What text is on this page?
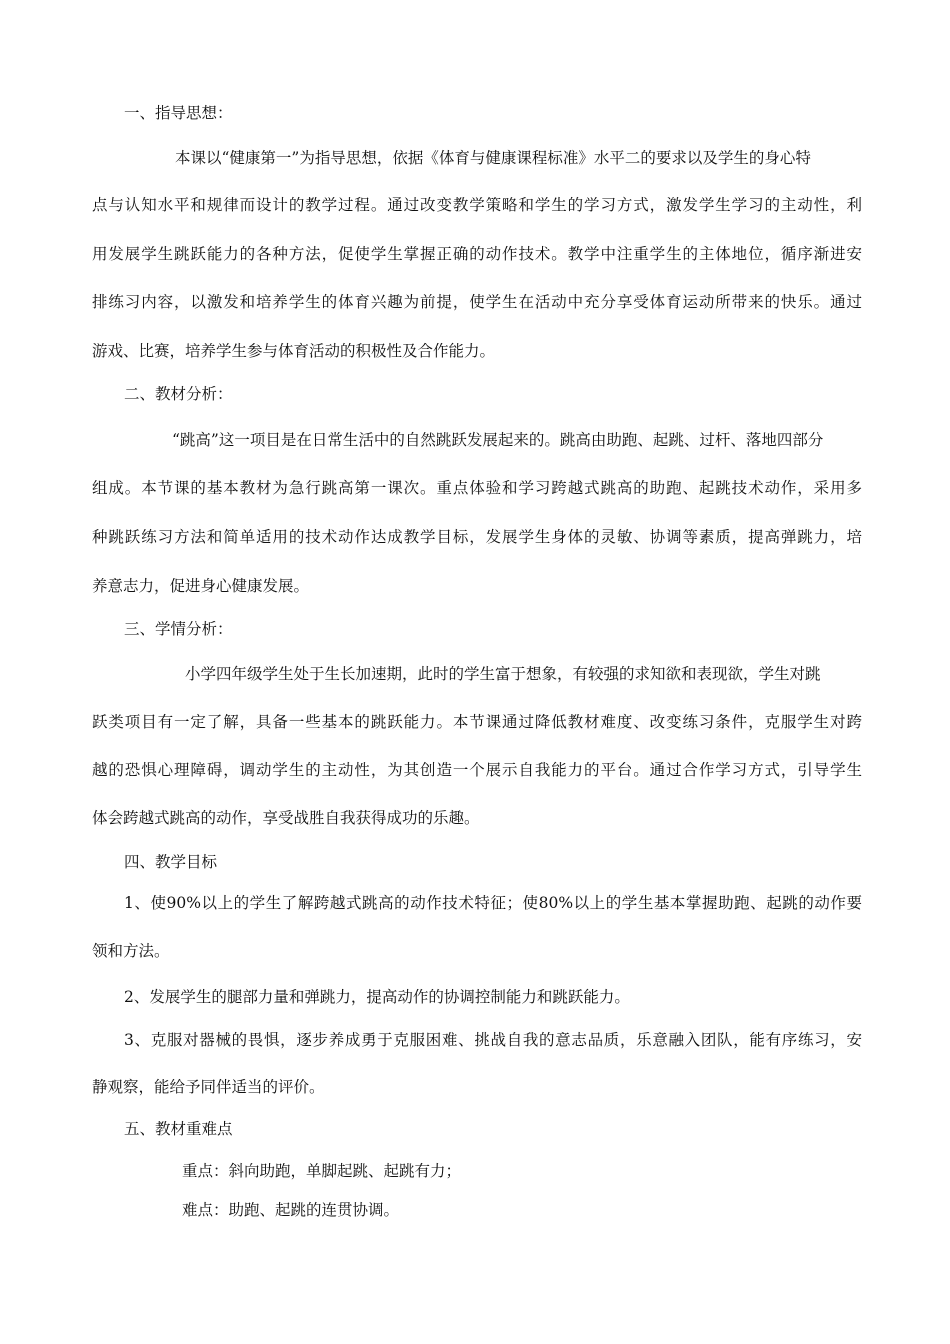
一、指导思想：
本课以“健康第一”为指导思想，依据《体育与健康课程标准》水平二的要求以及学生的身心特
点与认知水平和规律而设计的教学过程。通过改变教学策略和学生的学习方式，激发学生学习的主动性，利
用发展学生跳跃能力的各种方法，促使学生掌握正确的动作技术。教学中注重学生的主体地位，循序渐进安
排练习内容，以激发和培养学生的体育兴趣为前提，使学生在活动中充分享受体育运动所带来的快乐。通过
游戏、比赛，培养学生参与体育活动的积极性及合作能力。
二、教材分析：
“跳高”这一项目是在日常生活中的自然跳跃发展起来的。跳高由助跑、起跳、过杆、落地四部分
组成。本节课的基本教材为急行跳高第一课次。重点体验和学习跨越式跳高的助跑、起跳技术动作，采用多
种跳跃练习方法和简单适用的技术动作达成教学目标，发展学生身体的灵敏、协调等素质，提高弹跳力，培
养意志力，促进身心健康发展。
三、学情分析：
小学四年级学生处于生长加速期，此时的学生富于想象，有较强的求知欲和表现欲，学生对跳
跃类项目有一定了解，具备一些基本的跳跃能力。本节课通过降低教材难度、改变练习条件，克服学生对跨
越的恐惧心理障碍，调动学生的主动性，为其创造一个展示自我能力的平台。通过合作学习方式，引导学生
体会跨越式跳高的动作，享受战胜自我获得成功的乐趣。
四、教学目标
1、使90%以上的学生了解跨越式跳高的动作技术特征；使80%以上的学生基本掌握助跑、起跳的动作要
领和方法。
2、发展学生的腿部力量和弹跳力，提高动作的协调控制能力和跳跃能力。
3、克服对器械的畏惧，逐步养成勇于克服困难、挑战自我的意志品质，乐意融入团队，能有序练习，安
静观察，能给予同伴适当的评价。
五、教材重难点
重点：斜向助跑，单脚起跳、起跳有力；
难点：助跑、起跳的连贯协调。
